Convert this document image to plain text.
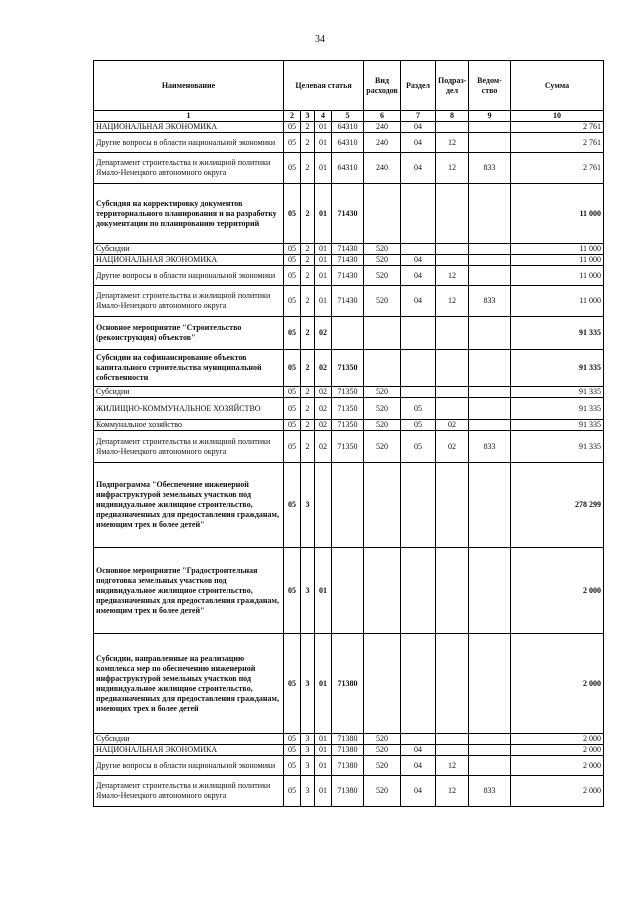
34
Наименование	Целевая статья				Вид расходов	Раздел	Подраз-дел	Ведом-ство	Сумма
1	2	3	4	5	6	7	8	9	10
НАЦИОНАЛЬНАЯ ЭКОНОМИКА	05	2	01	64310	240	04			2 761
Другие вопросы в области национальной экономики	05	2	01	64310	240	04	12		2 761
Департамент строительства и жилищной политики Ямало-Ненецкого автономного округа	05	2	01	64310	240	04	12	833	2 761
Субсидия на корректировку документов территориального планирования и на разработку документации по планированию территорий	05	2	01	71430					11 000
Субсидии	05	2	01	71430	520				11 000
НАЦИОНАЛЬНАЯ ЭКОНОМИКА	05	2	01	71430	520	04			11 000
Другие вопросы в области национальной экономики	05	2	01	71430	520	04	12		11 000
Департамент строительства и жилищной политики Ямало-Ненецкого автономного округа	05	2	01	71430	520	04	12	833	11 000
Основное мероприятие "Строительство (реконструкция) объектов"	05	2	02						91 335
Субсидии на софинансирование объектов капитального строительства муниципальной собственности	05	2	02	71350					91 335
Субсидии	05	2	02	71350	520				91 335
ЖИЛИЩНО-КОММУНАЛЬНОЕ ХОЗЯЙСТВО	05	2	02	71350	520	05			91 335
Коммунальное хозяйство	05	2	02	71350	520	05	02		91 335
Департамент строительства и жилищной политики Ямало-Ненецкого автономного округа	05	2	02	71350	520	05	02	833	91 335
Подпрограмма "Обеспечение инженерной инфраструктурой земельных участков под индивидуальное жилищное строительство, предназначенных для предоставления гражданам, имеющим трех и более детей"	05	3							278 299
Основное мероприятие "Градостроительная подготовка земельных участков под индивидуальное жилищное строительство, предназначенных для предоставления гражданам, имеющим трех и более детей"	05	3	01						2 000
Субсидии, направленные на реализацию комплекса мер по обеспечению инженерной инфраструктурой земельных участков под индивидуальное жилищное строительство, предназначенных для предоставления гражданам, имеющих трех и более детей	05	3	01	71380					2 000
Субсидии	05	3	01	71380	520				2 000
НАЦИОНАЛЬНАЯ ЭКОНОМИКА	05	3	01	71380	520	04			2 000
Другие вопросы в области национальной экономики	05	3	01	71380	520	04	12		2 000
Департамент строительства и жилищной политики Ямало-Ненецкого автономного округа	05	3	01	71380	520	04	12	833	2 000
